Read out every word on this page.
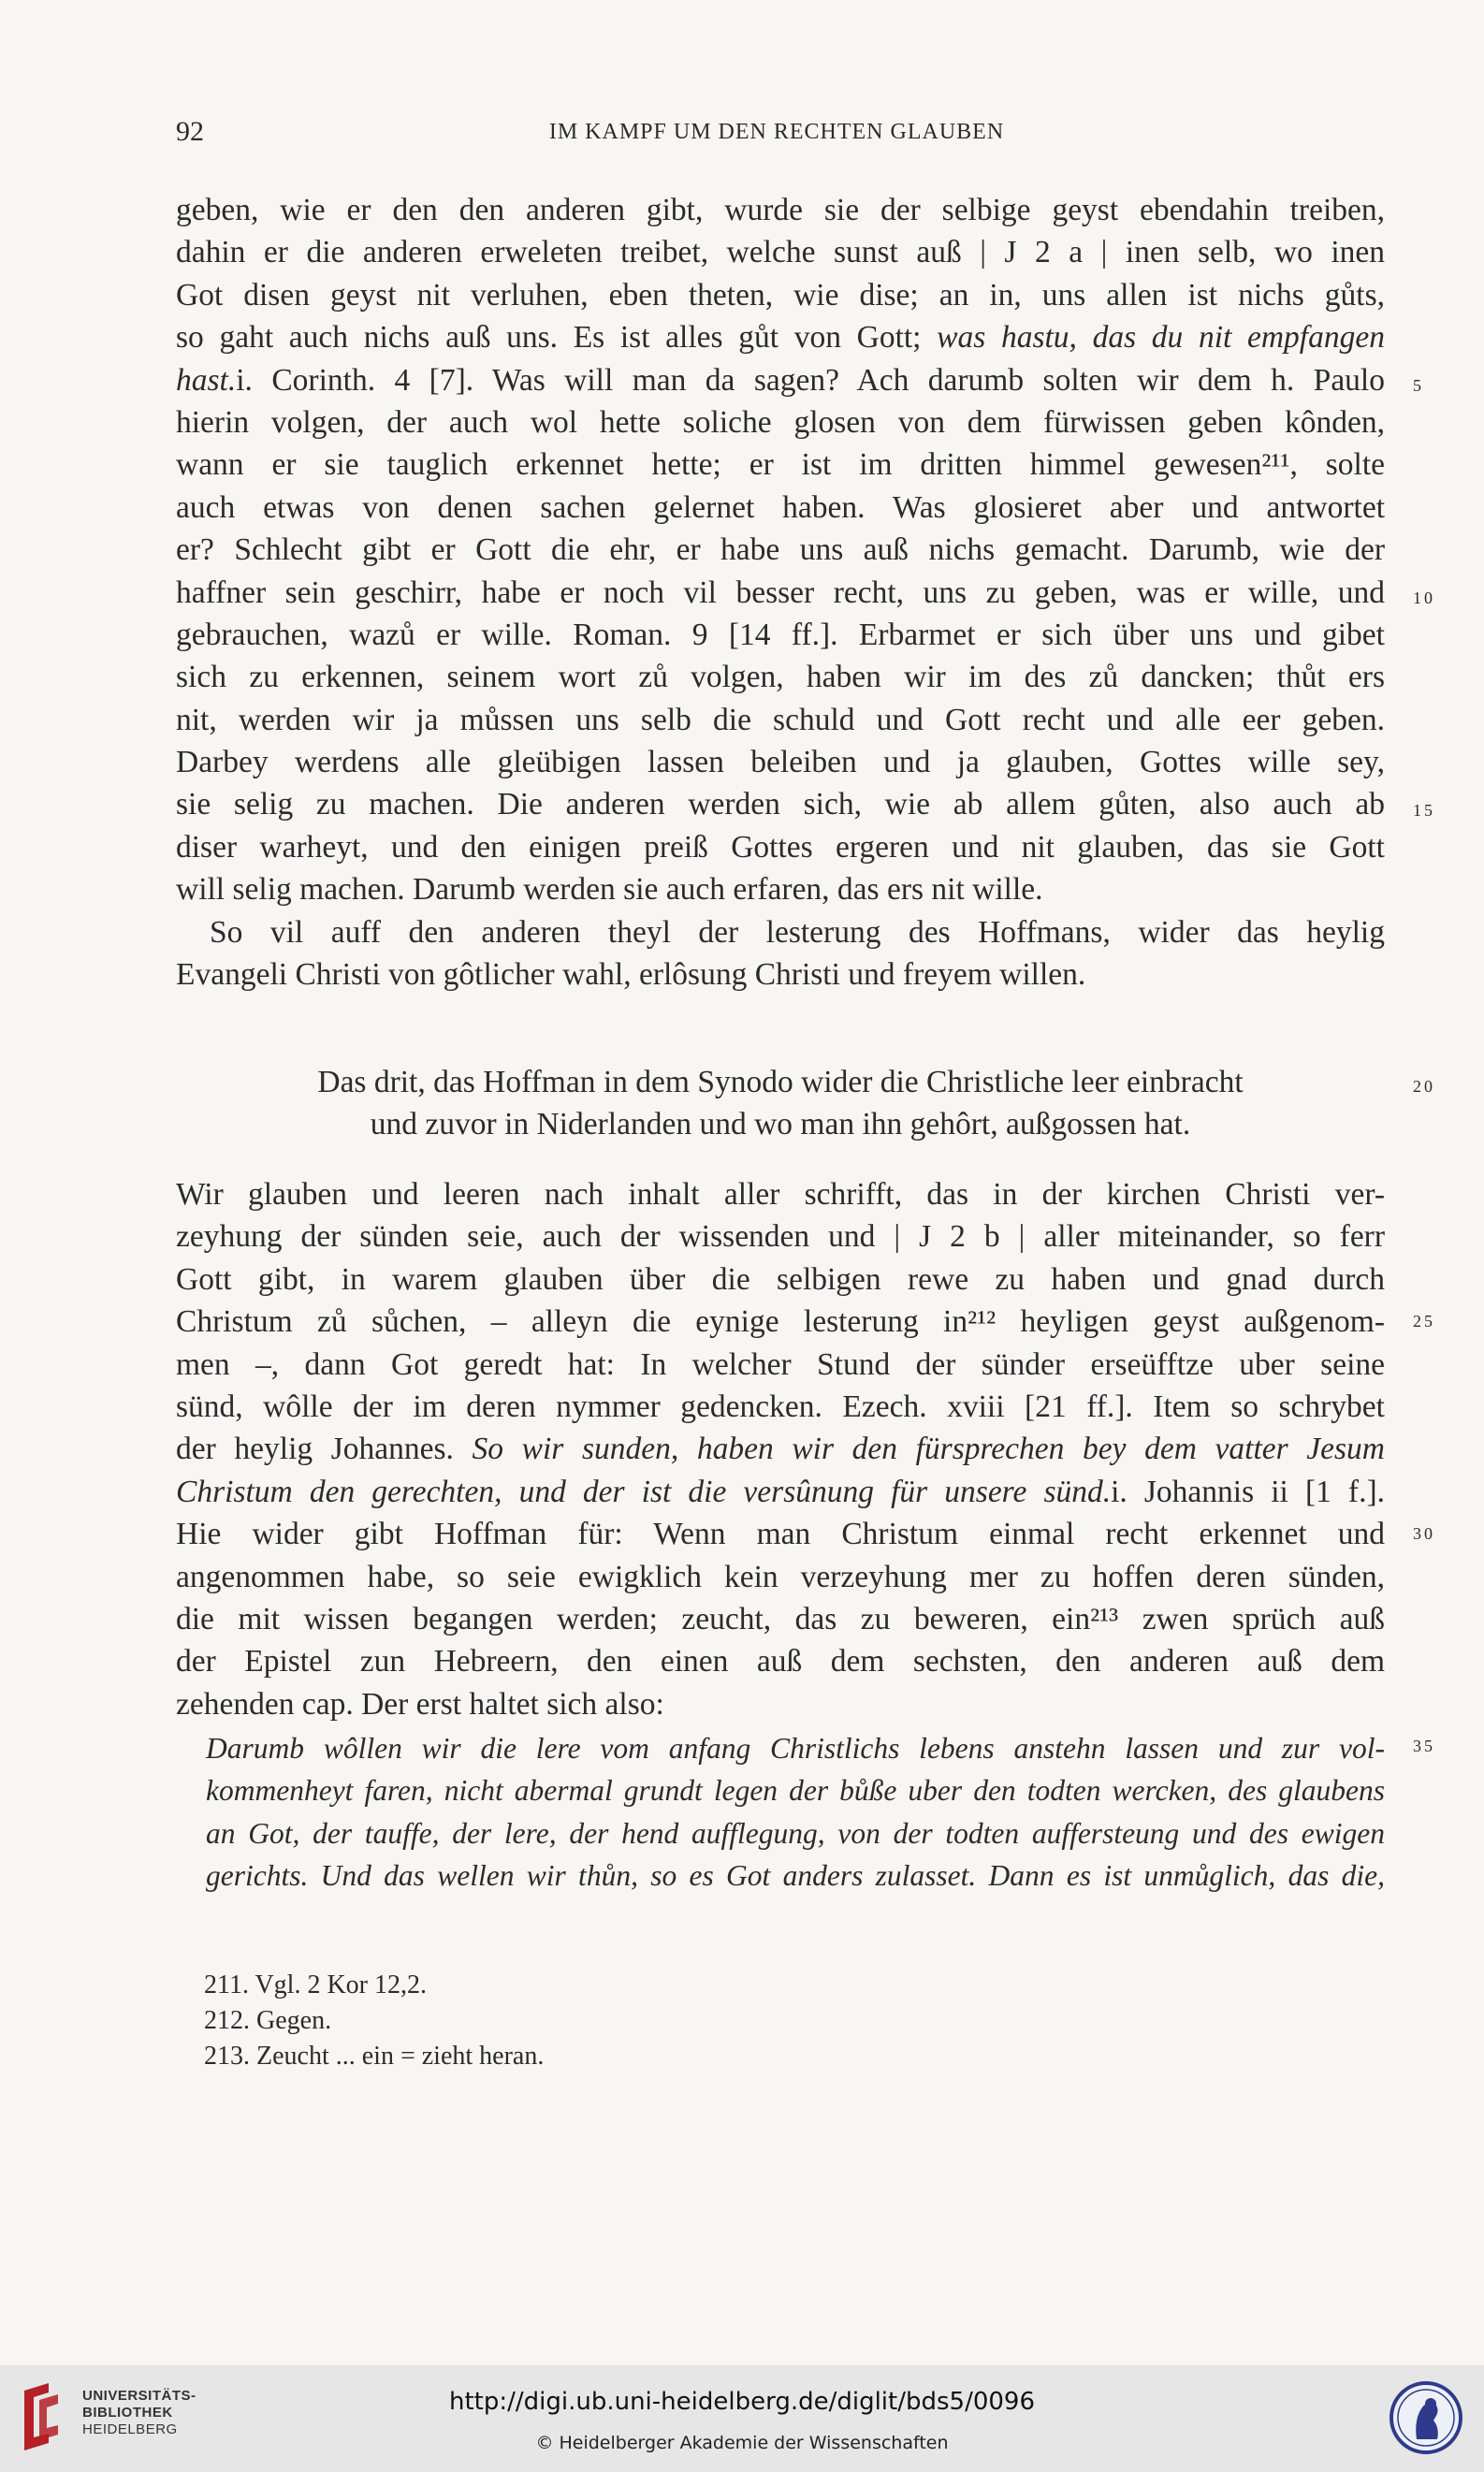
92	IM KAMPF UM DEN RECHTEN GLAUBEN
geben, wie er den den anderen gibt, wurde sie der selbige geyst ebendahin treiben,
dahin er die anderen erweleten treibet, welche sunst auß | J 2 a | inen selb, wo inen
Got disen geyst nit verluhen, eben theten, wie dise; an in, uns allen ist nichs gůts,
so gaht auch nichs auß uns. Es ist alles gůt von Gott; was hastu, das du nit empfangen
hast.i. Corinth. 4 [7]. Was will man da sagen? Ach darumb solten wir dem h. Paulo
hierin volgen, der auch wol hette soliche glosen von dem fürwissen geben kônden,
wann er sie tauglich erkennet hette; er ist im dritten himmel gewesen²¹¹, solte
auch etwas von denen sachen gelernet haben. Was glosieret aber und antwortet
er? Schlecht gibt er Gott die ehr, er habe uns auß nichs gemacht. Darumb, wie der
haffner sein geschirr, habe er noch vil besser recht, uns zu geben, was er wille, und
gebrauchen, wazů er wille. Roman. 9 [14 ff.]. Erbarmet er sich über uns und gibet
sich zu erkennen, seinem wort zů volgen, haben wir im des zů dancken; thůt ers
nit, werden wir ja můssen uns selb die schuld und Gott recht und alle eer geben.
Darbey werdens alle gleübigen lassen beleiben und ja glauben, Gottes wille sey,
sie selig zu machen. Die anderen werden sich, wie ab allem gůten, also auch ab
diser warheyt, und den einigen preiß Gottes ergeren und nit glauben, das sie Gott
will selig machen. Darumb werden sie auch erfaren, das ers nit wille.
So vil auff den anderen theyl der lesterung des Hoffmans, wider das heylig
Evangeli Christi von gôtlicher wahl, erlôsung Christi und freyem willen.
Das drit, das Hoffman in dem Synodo wider die Christliche leer einbracht
und zuvor in Niderlanden und wo man ihn gehôrt, außgossen hat.
Wir glauben und leeren nach inhalt aller schrifft, das in der kirchen Christi ver-
zeyhung der sünden seie, auch der wissenden und | J 2 b | aller miteinander, so ferr
Gott gibt, in warem glauben über die selbigen rewe zu haben und gnad durch
Christum zů sůchen, – alleyn die eynige lesterung in²¹² heyligen geyst außgenom-
men –, dann Got geredt hat: In welcher Stund der sünder erseüfftze uber seine
sünd, wôlle der im deren nymmer gedencken. Ezech. xviii [21 ff.]. Item so schrybet
der heylig Johannes. So wir sunden, haben wir den fürsprechen bey dem vatter Jesum
Christum den gerechten, und der ist die versûnung für unsere sünd.i. Johannis ii [1 f.].
Hie wider gibt Hoffman für: Wenn man Christum einmal recht erkennet und
angenommen habe, so seie ewigklich kein verzeyhung mer zu hoffen deren sünden,
die mit wissen begangen werden; zeucht, das zu beweren, ein²¹³ zwen sprüch auß
der Epistel zun Hebreern, den einen auß dem sechsten, den anderen auß dem
zehenden cap. Der erst haltet sich also:
Darumb wôllen wir die lere vom anfang Christlichs lebens anstehn lassen und zur vol-
kommenheyt faren, nicht abermal grundt legen der bůße uber den todten wercken, des glaubens
an Got, der tauffe, der lere, der hend aufflegung, von der todten auffersteung und des ewigen
gerichts. Und das wellen wir thůn, so es Got anders zulasset. Dann es ist unmůglich, das die,
5
10
15
20
25
30
35
211. Vgl. 2 Kor 12,2.
212. Gegen.
213. Zeucht ... ein = zieht heran.
UNIVERSITÄTS-
BIBLIOTHEK
HEIDELBERG
http://digi.ub.uni-heidelberg.de/diglit/bds5/0096
© Heidelberger Akademie der Wissenschaften
